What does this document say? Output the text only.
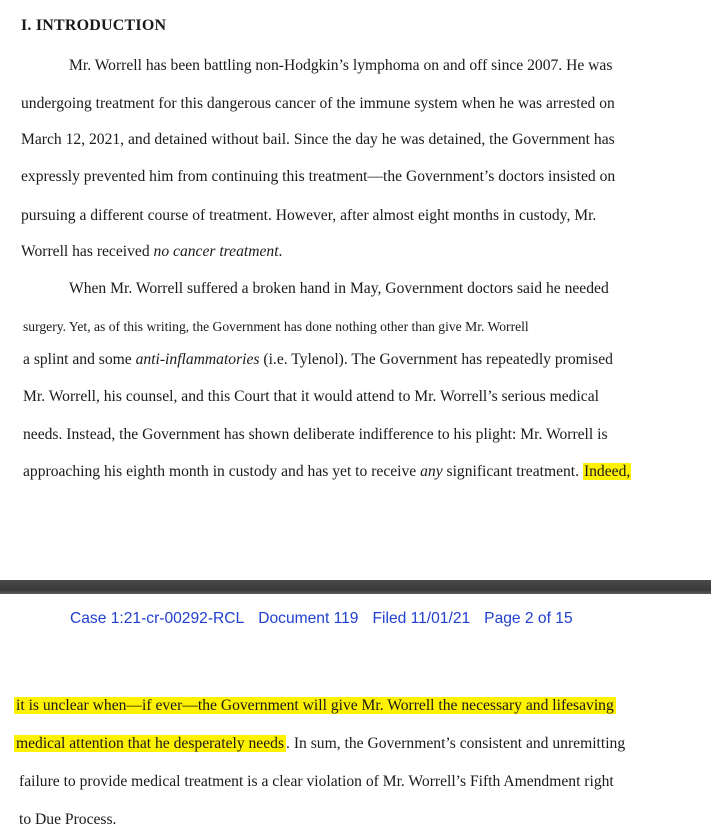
I. INTRODUCTION

Mr. Worrell has been battling non-Hodgkin’s lymphoma on and off since 2007. He was

undergoing treatment for this dangerous cancer of the immune system when he was arrested on

March 12, 2021, and detained without bail. Since the day he was detained, the Government has

expressly prevented him from continuing this treatment—the Government’s doctors insisted on

pursuing a different course of treatment. However, after almost eight months in custody, Mr.

Worrell has received no cancer treatment.

When Mr. Worrell suffered a broken hand in May, Government doctors said he needed

surgery. Yet, as of this writing, the Government has done nothing other than give Mr. Worrell

a splint and some anti-inflammatories (i.e. Tylenol). The Government has repeatedly promised

Mr. Worrell, his counsel, and this Court that it would attend to Mr. Worrell’s serious medical

needs. Instead, the Government has shown deliberate indifference to his plight: Mr. Worrell is

approaching his eighth month in custody and has yet to receive any significant treatment. Indeed,

Case 1:21-cr-00292-RCL Document 119 Filed 11/01/21 Page 2 of 15

it is unclear when—if ever—the Government will give Mr. Worrell the necessary and lifesaving

medical attention that he desperately needs . In sum, the Government’s consistent and unremitting

failure to provide medical treatment is a clear violation of Mr. Worrell’s Fifth Amendment right

to Due Process.
